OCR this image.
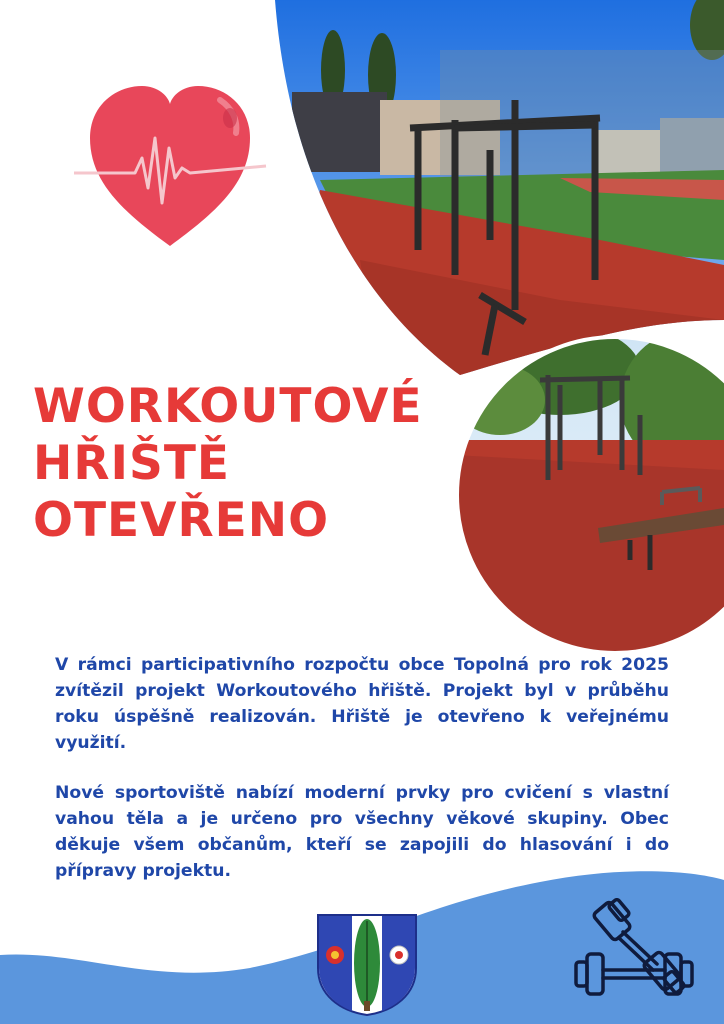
WORKOUTOVÉ
HŘIŠTĚ
OTEVŘENO

V rámci participativního rozpočtu obce Topolná pro rok 2025 zvítězil projekt Workoutového hřiště. Projekt byl v průběhu roku úspěšně realizován. Hřiště je otevřeno k veřejnému využití.

Nové sportoviště nabízí moderní prvky pro cvičení s vlastní vahou těla a je určeno pro všechny věkové skupiny. Obec děkuje všem občanům, kteří se zapojili do hlasování i do přípravy projektu.
